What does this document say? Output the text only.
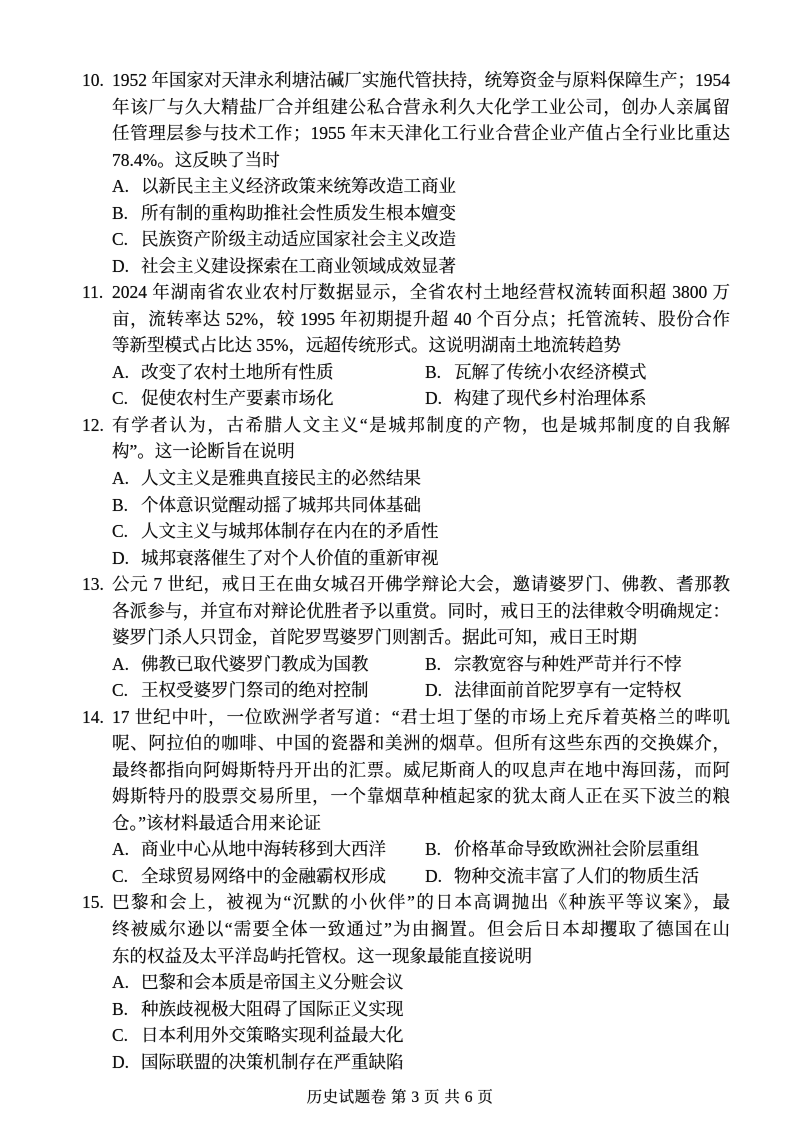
10. 1952 年国家对天津永利塘沽碱厂实施代管扶持，统筹资金与原料保障生产；1954
年该厂与久大精盐厂合并组建公私合营永利久大化学工业公司，创办人亲属留
任管理层参与技术工作；1955 年末天津化工行业合营企业产值占全行业比重达
78.4%。这反映了当时
A. 以新民主主义经济政策来统筹改造工商业
B. 所有制的重构助推社会性质发生根本嬗变
C. 民族资产阶级主动适应国家社会主义改造
D. 社会主义建设探索在工商业领域成效显著
11. 2024 年湖南省农业农村厅数据显示，全省农村土地经营权流转面积超 3800 万
亩，流转率达 52%，较 1995 年初期提升超 40 个百分点；托管流转、股份合作
等新型模式占比达 35%，远超传统形式。这说明湖南土地流转趋势
A. 改变了农村土地所有性质	B. 瓦解了传统小农经济模式
C. 促使农村生产要素市场化	D. 构建了现代乡村治理体系
12. 有学者认为，古希腊人文主义“是城邦制度的产物，也是城邦制度的自我解
构”。这一论断旨在说明
A. 人文主义是雅典直接民主的必然结果
B. 个体意识觉醒动摇了城邦共同体基础
C. 人文主义与城邦体制存在内在的矛盾性
D. 城邦衰落催生了对个人价值的重新审视
13. 公元 7 世纪，戒日王在曲女城召开佛学辩论大会，邀请婆罗门、佛教、耆那教
各派参与，并宣布对辩论优胜者予以重赏。同时，戒日王的法律敕令明确规定：
婆罗门杀人只罚金，首陀罗骂婆罗门则割舌。据此可知，戒日王时期
A. 佛教已取代婆罗门教成为国教	B. 宗教宽容与种姓严苛并行不悖
C. 王权受婆罗门祭司的绝对控制	D. 法律面前首陀罗享有一定特权
14. 17 世纪中叶，一位欧洲学者写道：“君士坦丁堡的市场上充斥着英格兰的哔叽
呢、阿拉伯的咖啡、中国的瓷器和美洲的烟草。但所有这些东西的交换媒介，
最终都指向阿姆斯特丹开出的汇票。威尼斯商人的叹息声在地中海回荡，而阿
姆斯特丹的股票交易所里，一个靠烟草种植起家的犹太商人正在买下波兰的粮
仓。”该材料最适合用来论证
A. 商业中心从地中海转移到大西洋 B. 价格革命导致欧洲社会阶层重组
C. 全球贸易网络中的金融霸权形成 D. 物种交流丰富了人们的物质生活
15. 巴黎和会上，被视为“沉默的小伙伴”的日本高调抛出《种族平等议案》，最
终被威尔逊以“需要全体一致通过”为由搁置。但会后日本却攫取了德国在山
东的权益及太平洋岛屿托管权。这一现象最能直接说明
A. 巴黎和会本质是帝国主义分赃会议
B. 种族歧视极大阻碍了国际正义实现
C. 日本利用外交策略实现利益最大化
D. 国际联盟的决策机制存在严重缺陷
历史试题卷 第 3 页 共 6 页
